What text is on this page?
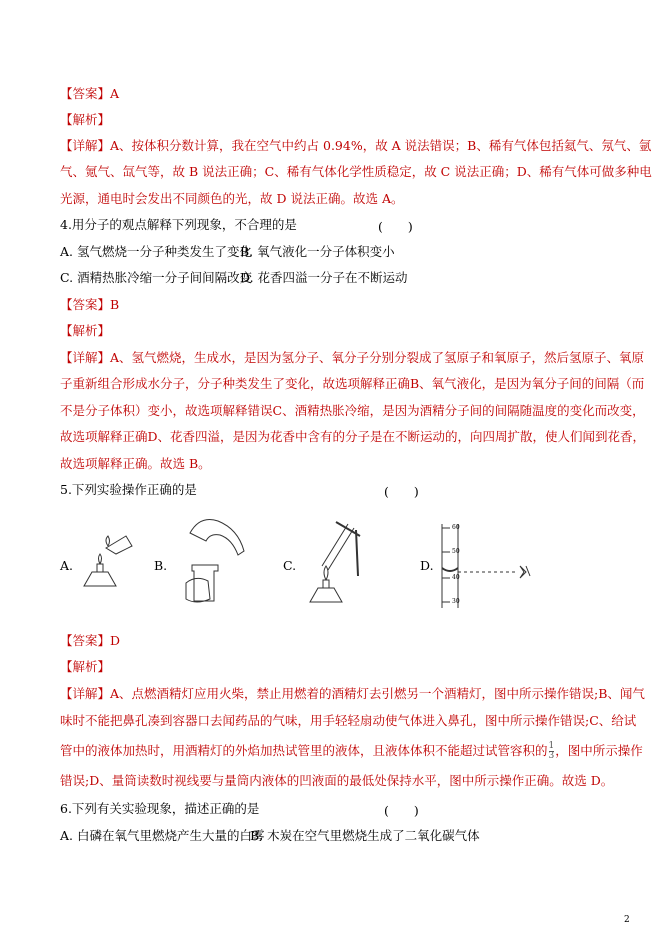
【答案】A
【解析】
【详解】A、按体积分数计算，我在空气中约占 0.94%，故 A 说法错误；B、稀有气体包括氦气、氖气、氩
气、氪气、氙气等，故 B 说法正确；C、稀有气体化学性质稳定，故 C 说法正确；D、稀有气体可做多种电
光源，通电时会发出不同颜色的光，故 D 说法正确。故选 A。
4.用分子的观点解释下列现象，不合理的是	(　　)
A. 氢气燃烧一分子种类发生了变化
B. 氧气液化一分子体积变小
C. 酒精热胀冷缩一分子间间隔改变
D. 花香四溢一分子在不断运动
【答案】B
【解析】
【详解】A、氢气燃烧，生成水，是因为氢分子、氧分子分别分裂成了氢原子和氧原子，然后氢原子、氧原
子重新组合形成水分子，分子种类发生了变化，故选项解释正确B、氧气液化，是因为氧分子间的间隔（而
不是分子体积）变小，故选项解释错误C、酒精热胀冷缩，是因为酒精分子间的间隔随温度的变化而改变，
故选项解释正确D、花香四溢，是因为花香中含有的分子是在不断运动的，向四周扩散，使人们闻到花香，
故选项解释正确。故选 B。
5.下列实验操作正确的是	(　　)
A.	B.	C.	D.
60
50
40
30
【答案】D
【解析】
【详解】A、点燃酒精灯应用火柴，禁止用燃着的酒精灯去引燃另一个酒精灯，图中所示操作错误;B、闻气
味时不能把鼻孔凑到容器口去闻药品的气味，用手轻轻扇动使气体进入鼻孔，图中所示操作错误;C、给试
管中的液体加热时，用酒精灯的外焰加热试管里的液体，且液体体积不能超过试管容积的 $\frac{1}{3}$ ，图中所示操作
错误;D、量筒读数时视线要与量筒内液体的凹液面的最低处保持水平，图中所示操作正确。故选 D。
6.下列有关实验现象，描述正确的是	(　　)
A. 白磷在氧气里燃烧产生大量的白雾
B. 木炭在空气里燃烧生成了二氧化碳气体
2
